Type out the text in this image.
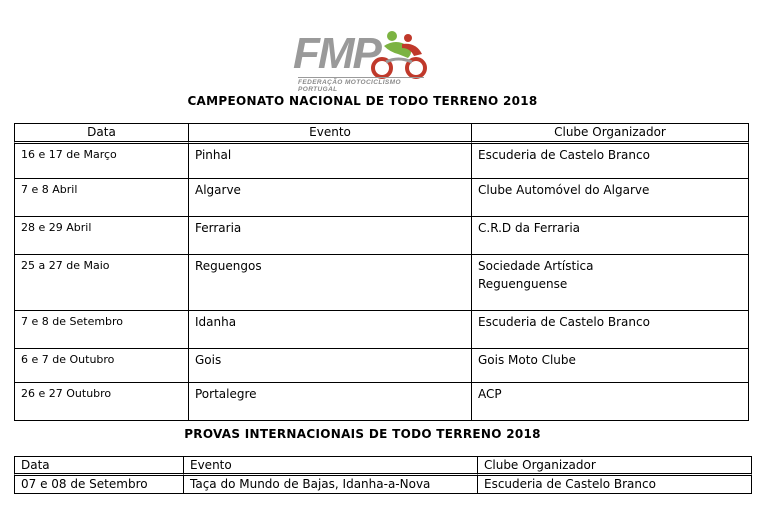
FMP
FEDERAÇÃO MOTOCICLISMO PORTUGAL
CAMPEONATO NACIONAL DE TODO TERRENO 2018
Data	Evento	Clube Organizador
16 e 17 de Março	Pinhal	Escuderia de Castelo Branco
7 e 8 Abril	Algarve	Clube Automóvel do Algarve
28 e 29 Abril	Ferraria	C.R.D da Ferraria
25 a 27 de Maio	Reguengos	Sociedade Artística
Reguenguense
7 e 8 de Setembro	Idanha	Escuderia de Castelo Branco
6 e 7 de Outubro	Gois	Gois Moto Clube
26 e 27 Outubro	Portalegre	ACP
PROVAS INTERNACIONAIS DE TODO TERRENO 2018
Data	Evento	Clube Organizador
07 e 08 de Setembro	Taça do Mundo de Bajas, Idanha-a-Nova	Escuderia de Castelo Branco
